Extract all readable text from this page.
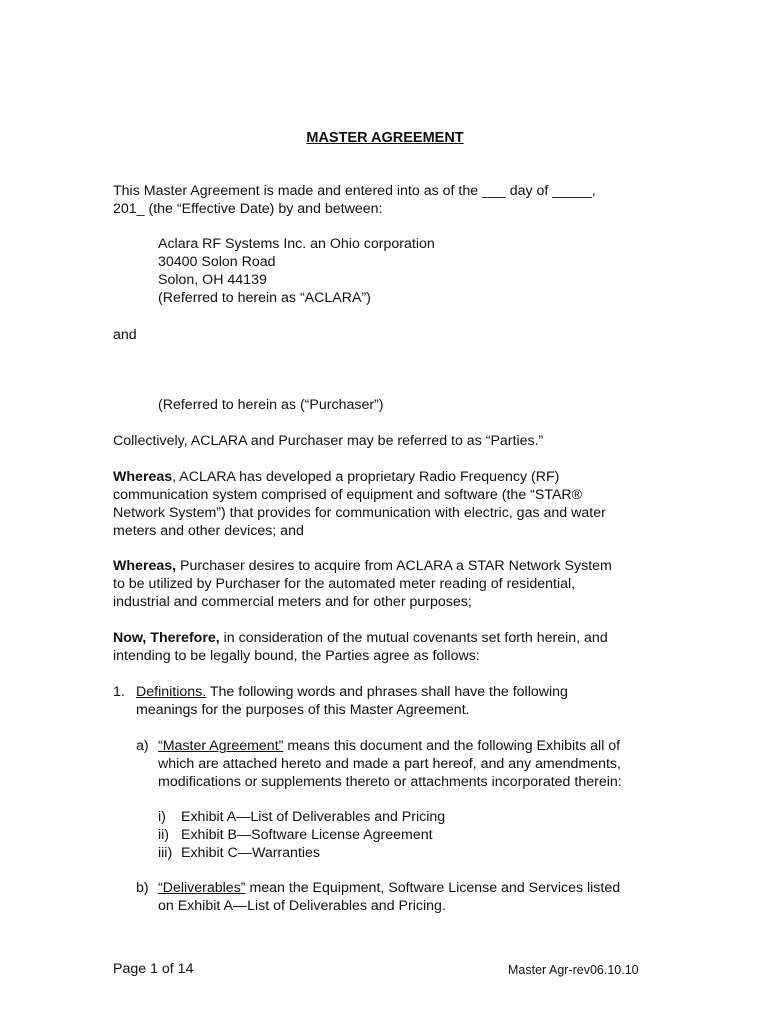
MASTER AGREEMENT
This Master Agreement is made and entered into as of the ___ day of _____,
201_ (the “Effective Date) by and between:
Aclara RF Systems Inc. an Ohio corporation
30400 Solon Road
Solon, OH 44139
(Referred to herein as “ACLARA”)
and
(Referred to herein as (“Purchaser”)
Collectively, ACLARA and Purchaser may be referred to as “Parties.”
Whereas, ACLARA has developed a proprietary Radio Frequency (RF)
communication system comprised of equipment and software (the “STAR®
Network System”) that provides for communication with electric, gas and water
meters and other devices; and
Whereas, Purchaser desires to acquire from ACLARA a STAR Network System
to be utilized by Purchaser for the automated meter reading of residential,
industrial and commercial meters and for other purposes;
Now, Therefore, in consideration of the mutual covenants set forth herein, and
intending to be legally bound, the Parties agree as follows:
1. Definitions. The following words and phrases shall have the following
meanings for the purposes of this Master Agreement.
a) “Master Agreement” means this document and the following Exhibits all of
which are attached hereto and made a part hereof, and any amendments,
modifications or supplements thereto or attachments incorporated therein:
i) Exhibit A—List of Deliverables and Pricing
ii) Exhibit B—Software License Agreement
iii) Exhibit C—Warranties
b) “Deliverables” mean the Equipment, Software License and Services listed
on Exhibit A—List of Deliverables and Pricing.
Page 1 of 14	Master Agr-rev06.10.10
